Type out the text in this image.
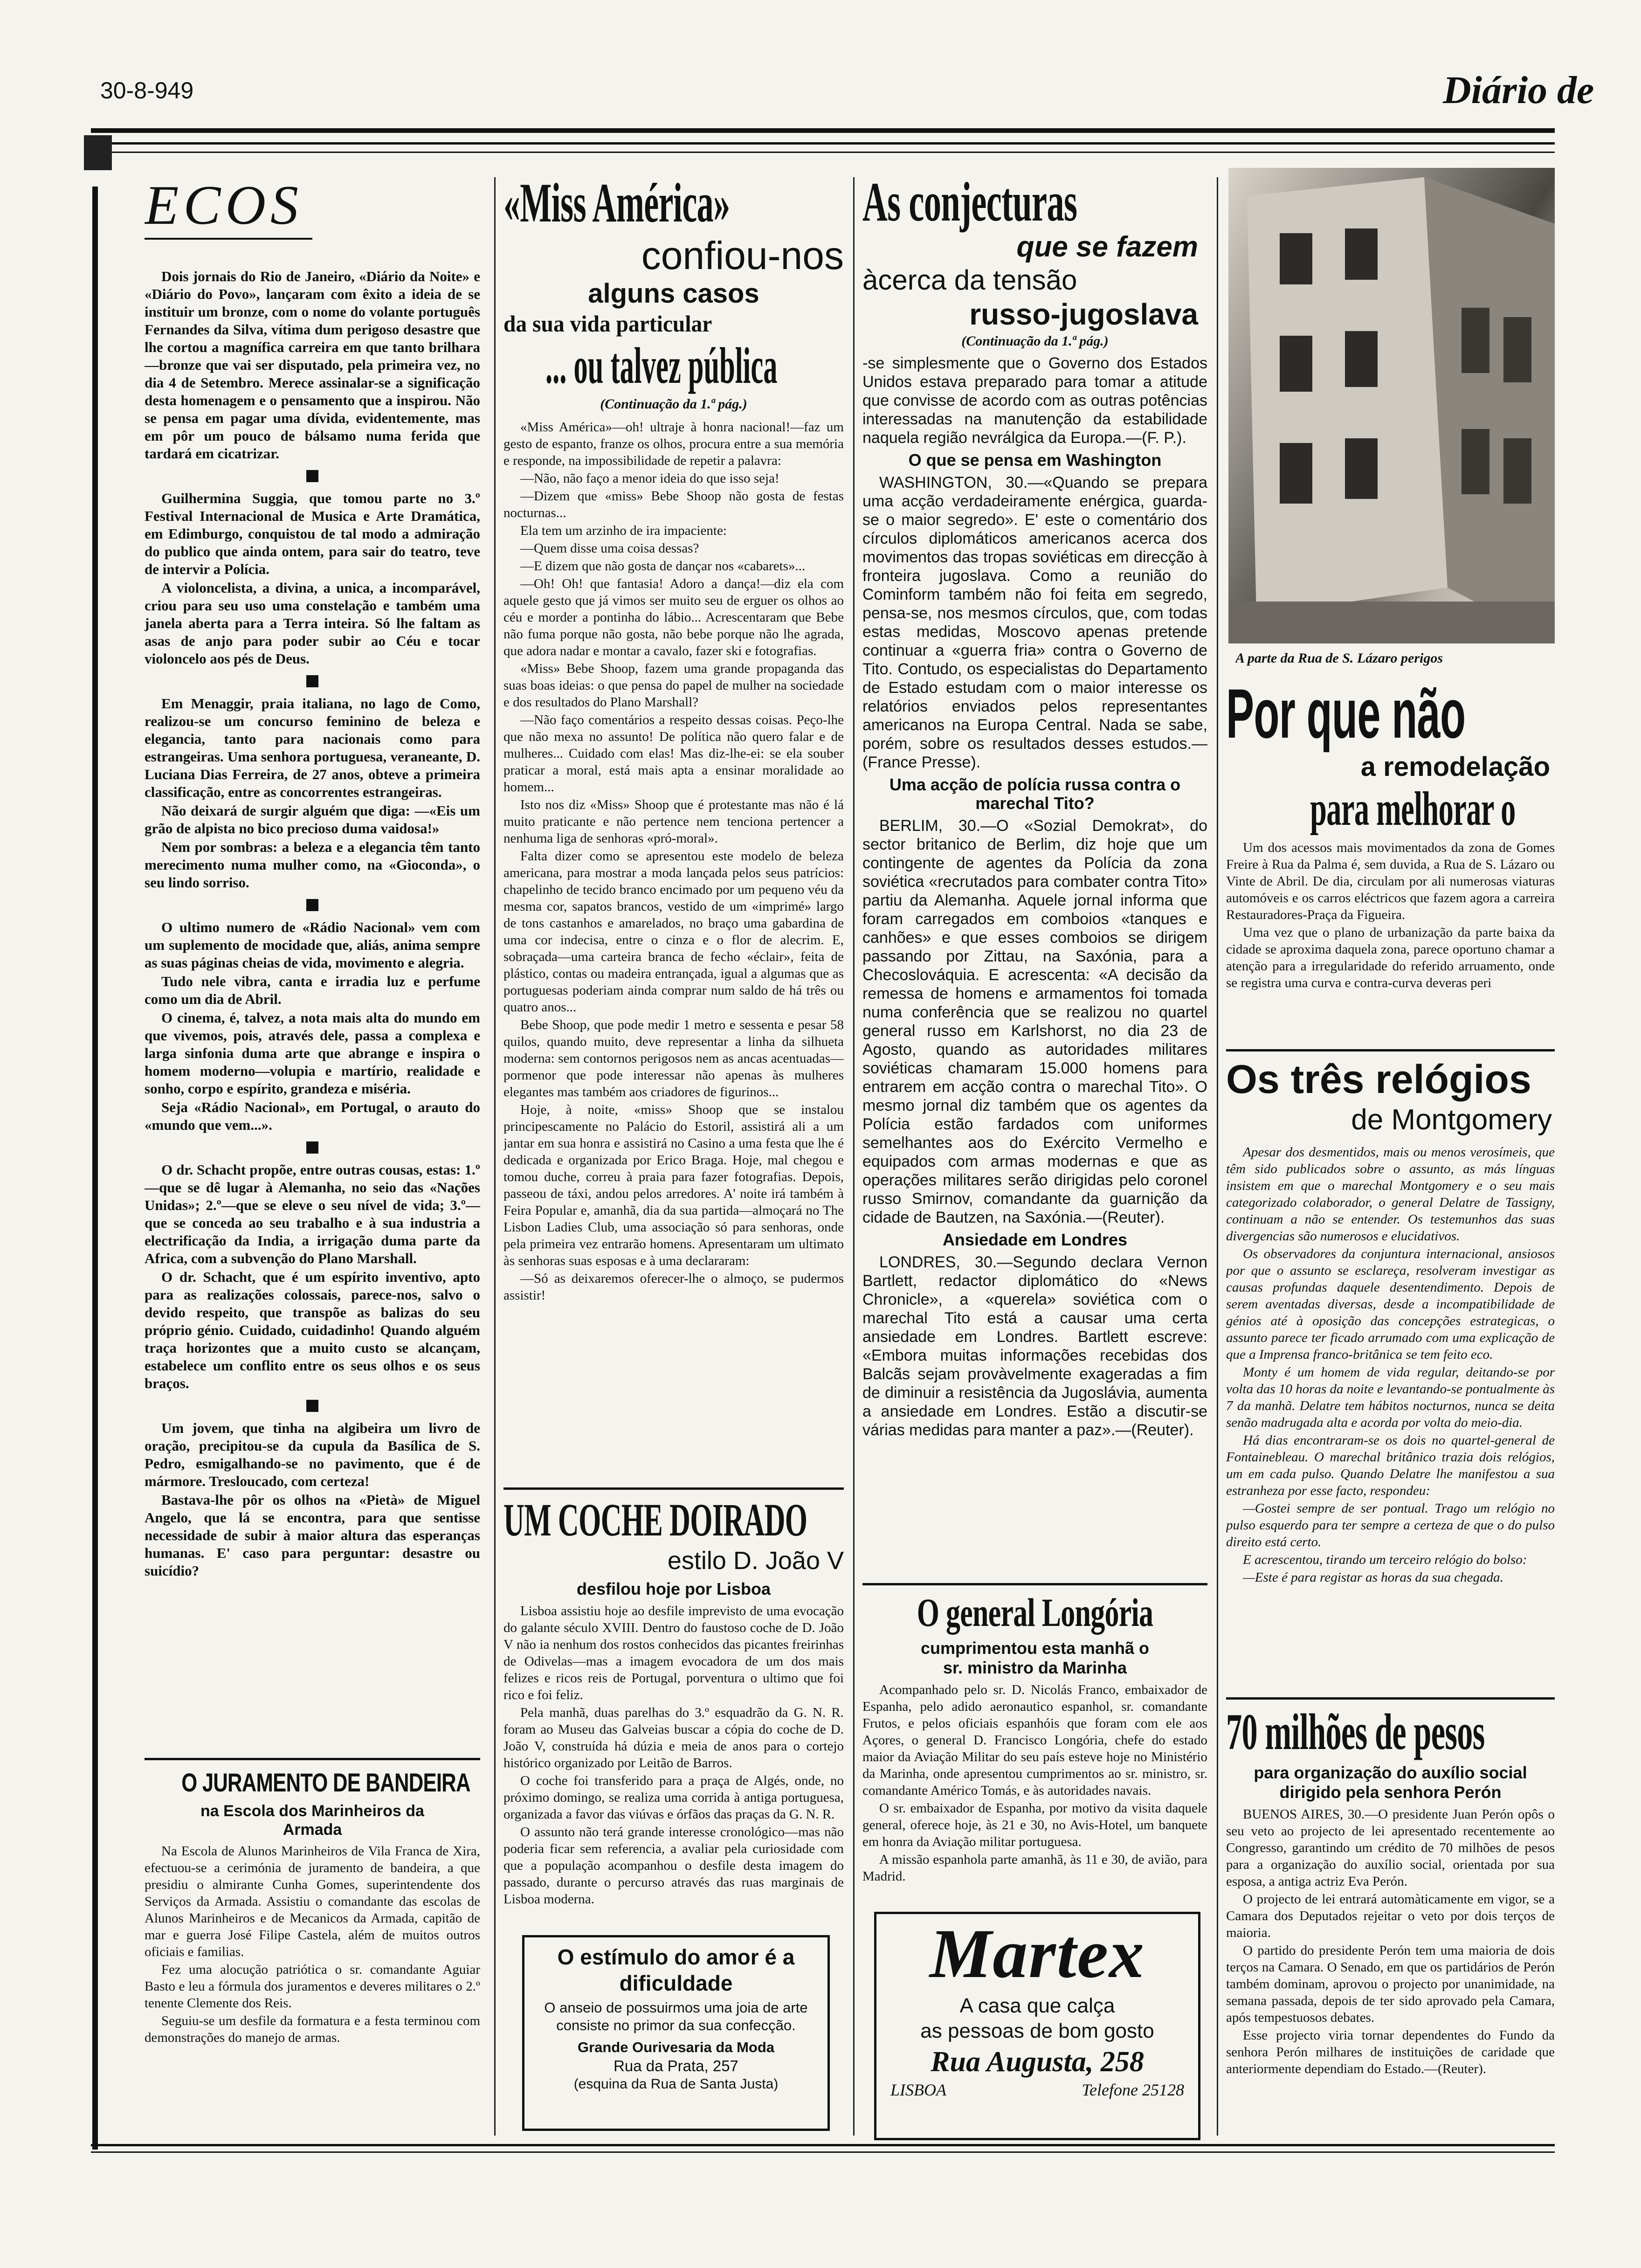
30-8-949	Diário de
ECOS

Dois jornais do Rio de Janeiro, «Diário da Noite» e «Diário do Povo», lançaram com êxito a ideia de se instituir um bronze, com o nome do volante português Fernandes da Silva, vítima dum perigoso desastre que lhe cortou a magnífica carreira em que tanto brilhara—bronze que vai ser disputado, pela primeira vez, no dia 4 de Setembro. Merece assinalar-se a significação desta homenagem e o pensamento que a inspirou. Não se pensa em pagar uma dívida, evidentemente, mas em pôr um pouco de bálsamo numa ferida que tardará em cicatrizar.

Guilhermina Suggia, que tomou parte no 3.º Festival Internacional de Musica e Arte Dramática, em Edimburgo, conquistou de tal modo a admiração do publico que ainda ontem, para sair do teatro, teve de intervir a Polícia.

A violoncelista, a divina, a unica, a incomparável, criou para seu uso uma constelação e também uma janela aberta para a Terra inteira. Só lhe faltam as asas de anjo para poder subir ao Céu e tocar violoncelo aos pés de Deus.

Em Menaggir, praia italiana, no lago de Como, realizou-se um concurso feminino de beleza e elegancia, tanto para nacionais como para estrangeiras. Uma senhora portuguesa, veraneante, D. Luciana Dias Ferreira, de 27 anos, obteve a primeira classificação, entre as concorrentes estrangeiras.

Não deixará de surgir alguém que diga: —«Eis um grão de alpista no bico precioso duma vaidosa!»

Nem por sombras: a beleza e a elegancia têm tanto merecimento numa mulher como, na «Gioconda», o seu lindo sorriso.

O ultimo numero de «Rádio Nacional» vem com um suplemento de mocidade que, aliás, anima sempre as suas páginas cheias de vida, movimento e alegria.

Tudo nele vibra, canta e irradia luz e perfume como um dia de Abril.

O cinema, é, talvez, a nota mais alta do mundo em que vivemos, pois, através dele, passa a complexa e larga sinfonia duma arte que abrange e inspira o homem moderno—volupia e martírio, realidade e sonho, corpo e espírito, grandeza e miséria.

Seja «Rádio Nacional», em Portugal, o arauto do «mundo que vem...».

O dr. Schacht propõe, entre outras cousas, estas: 1.º—que se dê lugar à Alemanha, no seio das «Nações Unidas»; 2.º—que se eleve o seu nível de vida; 3.º—que se conceda ao seu trabalho e à sua industria a electrificação da India, a irrigação duma parte da Africa, com a subvenção do Plano Marshall.

O dr. Schacht, que é um espírito inventivo, apto para as realizações colossais, parece-nos, salvo o devido respeito, que transpõe as balizas do seu próprio génio. Cuidado, cuidadinho! Quando alguém traça horizontes que a muito custo se alcançam, estabelece um conflito entre os seus olhos e os seus braços.

Um jovem, que tinha na algibeira um livro de oração, precipitou-se da cupula da Basílica de S. Pedro, esmigalhando-se no pavimento, que é de mármore. Tresloucado, com certeza!

Bastava-lhe pôr os olhos na «Pietà» de Miguel Angelo, que lá se encontra, para que sentisse necessidade de subir à maior altura das esperanças humanas. E' caso para perguntar: desastre ou suicídio?

O JURAMENTO DE BANDEIRA
na Escola dos Marinheiros da Armada

Na Escola de Alunos Marinheiros de Vila Franca de Xira, efectuou-se a cerimónia de juramento de bandeira, a que presidiu o almirante Cunha Gomes, superintendente dos Serviços da Armada. Assistiu o comandante das escolas de Alunos Marinheiros e de Mecanicos da Armada, capitão de mar e guerra José Filipe Castela, além de muitos outros oficiais e familias.

Fez uma alocução patriótica o sr. comandante Aguiar Basto e leu a fórmula dos juramentos e deveres militares o 2.º tenente Clemente dos Reis.

Seguiu-se um desfile da formatura e a festa terminou com demonstrações do manejo de armas.

«Miss América»
confiou-nos
alguns casos
da sua vida particular
... ou talvez pública
(Continuação da 1.ª pág.)

«Miss América»—oh! ultraje à honra nacional!—faz um gesto de espanto, franze os olhos, procura entre a sua memória e responde, na impossibilidade de repetir a palavra:

—Não, não faço a menor ideia do que isso seja!

—Dizem que «miss» Bebe Shoop não gosta de festas nocturnas...

Ela tem um arzinho de ira impaciente:

—Quem disse uma coisa dessas?

—E dizem que não gosta de dançar nos «cabarets»...

—Oh! Oh! que fantasia! Adoro a dança!—diz ela com aquele gesto que já vimos ser muito seu de erguer os olhos ao céu e morder a pontinha do lábio... Acrescentaram que Bebe não fuma porque não gosta, não bebe porque não lhe agrada, que adora nadar e montar a cavalo, fazer ski e fotografias.

«Miss» Bebe Shoop, fazem uma grande propaganda das suas boas ideias: o que pensa do papel de mulher na sociedade e dos resultados do Plano Marshall?

—Não faço comentários a respeito dessas coisas. Peço-lhe que não mexa no assunto! De política não quero falar e de mulheres... Cuidado com elas! Mas diz-lhe-ei: se ela souber praticar a moral, está mais apta a ensinar moralidade ao homem...

Isto nos diz «Miss» Shoop que é protestante mas não é lá muito praticante e não pertence nem tenciona pertencer a nenhuma liga de senhoras «pró-moral».

Falta dizer como se apresentou este modelo de beleza americana, para mostrar a moda lançada pelos seus patrícios: chapelinho de tecido branco encimado por um pequeno véu da mesma cor, sapatos brancos, vestido de um «imprimé» largo de tons castanhos e amarelados, no braço uma gabardina de uma cor indecisa, entre o cinza e o flor de alecrim. E, sobraçada—uma carteira branca de fecho «éclair», feita de plástico, contas ou madeira entrançada, igual a algumas que as portuguesas poderiam ainda comprar num saldo de há três ou quatro anos...

Bebe Shoop, que pode medir 1 metro e sessenta e pesar 58 quilos, quando muito, deve representar a linha da silhueta moderna: sem contornos perigosos nem as ancas acentuadas—pormenor que pode interessar não apenas às mulheres elegantes mas também aos criadores de figurinos...

Hoje, à noite, «miss» Shoop que se instalou principescamente no Palácio do Estoril, assistirá ali a um jantar em sua honra e assistirá no Casino a uma festa que lhe é dedicada e organizada por Erico Braga. Hoje, mal chegou e tomou duche, correu à praia para fazer fotografias. Depois, passeou de táxi, andou pelos arredores. A' noite irá também à Feira Popular e, amanhã, dia da sua partida—almoçará no The Lisbon Ladies Club, uma associação só para senhoras, onde pela primeira vez entrarão homens. Apresentaram um ultimato às senhoras suas esposas e à uma declararam:

—Só as deixaremos oferecer-lhe o almoço, se pudermos assistir!

UM COCHE DOIRADO
estilo D. João V
desfilou hoje por Lisboa

Lisboa assistiu hoje ao desfile imprevisto de uma evocação do galante século XVIII. Dentro do faustoso coche de D. João V não ia nenhum dos rostos conhecidos das picantes freirinhas de Odivelas—mas a imagem evocadora de um dos mais felizes e ricos reis de Portugal, porventura o ultimo que foi rico e foi feliz.

Pela manhã, duas parelhas do 3.º esquadrão da G. N. R. foram ao Museu das Galveias buscar a cópia do coche de D. João V, construída há dúzia e meia de anos para o cortejo histórico organizado por Leitão de Barros.

O coche foi transferido para a praça de Algés, onde, no próximo domingo, se realiza uma corrida à antiga portuguesa, organizada a favor das viúvas e órfãos das praças da G. N. R.

O assunto não terá grande interesse cronológico—mas não poderia ficar sem referencia, a avaliar pela curiosidade com que a população acompanhou o desfile desta imagem do passado, durante o percurso através das ruas marginais de Lisboa moderna.

O estímulo do amor é a dificuldade
O anseio de possuirmos uma joia de arte consiste no primor da sua confecção.
Grande Ourivesaria da Moda
Rua da Prata, 257
(esquina da Rua de Santa Justa)
As conjecturas
que se fazem
àcerca da tensão
russo-jugoslava
(Continuação da 1.ª pág.)

-se simplesmente que o Governo dos Estados Unidos estava preparado para tomar a atitude que convisse de acordo com as outras potências interessadas na manutenção da estabilidade naquela região nevrálgica da Europa.—(F. P.).

O que se pensa em Washington

WASHINGTON, 30.—«Quando se prepara uma acção verdadeiramente enérgica, guarda-se o maior segredo». E' este o comentário dos círculos diplomáticos americanos acerca dos movimentos das tropas soviéticas em direcção à fronteira jugoslava. Como a reunião do Cominform também não foi feita em segredo, pensa-se, nos mesmos círculos, que, com todas estas medidas, Moscovo apenas pretende continuar a «guerra fria» contra o Governo de Tito. Contudo, os especialistas do Departamento de Estado estudam com o maior interesse os relatórios enviados pelos representantes americanos na Europa Central. Nada se sabe, porém, sobre os resultados desses estudos.—(France Presse).

Uma acção de polícia russa contra o marechal Tito?

BERLIM, 30.—O «Sozial Demokrat», do sector britanico de Berlim, diz hoje que um contingente de agentes da Polícia da zona soviética «recrutados para combater contra Tito» partiu da Alemanha. Aquele jornal informa que foram carregados em comboios «tanques e canhões» e que esses comboios se dirigem passando por Zittau, na Saxónia, para a Checoslováquia. E acrescenta: «A decisão da remessa de homens e armamentos foi tomada numa conferência que se realizou no quartel general russo em Karlshorst, no dia 23 de Agosto, quando as autoridades militares soviéticas chamaram 15.000 homens para entrarem em acção contra o marechal Tito». O mesmo jornal diz também que os agentes da Polícia estão fardados com uniformes semelhantes aos do Exército Vermelho e equipados com armas modernas e que as operações militares serão dirigidas pelo coronel russo Smirnov, comandante da guarnição da cidade de Bautzen, na Saxónia.—(Reuter).

Ansiedade em Londres

LONDRES, 30.—Segundo declara Vernon Bartlett, redactor diplomático do «News Chronicle», a «querela» soviética com o marechal Tito está a causar uma certa ansiedade em Londres. Bartlett escreve: «Embora muitas informações recebidas dos Balcãs sejam provàvelmente exageradas a fim de diminuir a resistência da Jugoslávia, aumenta a ansiedade em Londres. Estão a discutir-se várias medidas para manter a paz».—(Reuter).

O general Longória
cumprimentou esta manhã o sr. ministro da Marinha

Acompanhado pelo sr. D. Nicolás Franco, embaixador de Espanha, pelo adido aeronautico espanhol, sr. comandante Frutos, e pelos oficiais espanhóis que foram com ele aos Açores, o general D. Francisco Longória, chefe do estado maior da Aviação Militar do seu país esteve hoje no Ministério da Marinha, onde apresentou cumprimentos ao sr. ministro, sr. comandante Américo Tomás, e às autoridades navais.

O sr. embaixador de Espanha, por motivo da visita daquele general, oferece hoje, às 21 e 30, no Avis-Hotel, um banquete em honra da Aviação militar portuguesa.

A missão espanhola parte amanhã, às 11 e 30, de avião, para Madrid.

Martex
A casa que calça
as pessoas de bom gosto
Rua Augusta, 258
LISBOA	Telefone 25128
A parte da Rua de S. Lázaro perigos
Por que não
a remodelação
para melhorar o

Um dos acessos mais movimentados da zona de Gomes Freire à Rua da Palma é, sem duvida, a Rua de S. Lázaro ou Vinte de Abril. De dia, circulam por ali numerosas viaturas automóveis e os carros eléctricos que fazem agora a carreira Restauradores-Praça da Figueira.

Uma vez que o plano de urbanização da parte baixa da cidade se aproxima daquela zona, parece oportuno chamar a atenção para a irregularidade do referido arruamento, onde se registra uma curva e contra-curva deveras peri

Os três relógios
de Montgomery

Apesar dos desmentidos, mais ou menos verosímeis, que têm sido publicados sobre o assunto, as más línguas insistem em que o marechal Montgomery e o seu mais categorizado colaborador, o general Delatre de Tassigny, continuam a não se entender. Os testemunhos das suas divergencias são numerosos e elucidativos.

Os observadores da conjuntura internacional, ansiosos por que o assunto se esclareça, resolveram investigar as causas profundas daquele desentendimento. Depois de serem aventadas diversas, desde a incompatibilidade de génios até à oposição das concepções estrategicas, o assunto parece ter ficado arrumado com uma explicação de que a Imprensa franco-britânica se tem feito eco.

Monty é um homem de vida regular, deitando-se por volta das 10 horas da noite e levantando-se pontualmente às 7 da manhã. Delatre tem hábitos nocturnos, nunca se deita senão madrugada alta e acorda por volta do meio-dia.

Há dias encontraram-se os dois no quartel-general de Fontainebleau. O marechal britânico trazia dois relógios, um em cada pulso. Quando Delatre lhe manifestou a sua estranheza por esse facto, respondeu:

—Gostei sempre de ser pontual. Trago um relógio no pulso esquerdo para ter sempre a certeza de que o do pulso direito está certo.

E acrescentou, tirando um terceiro relógio do bolso:

—Este é para registar as horas da sua chegada.

70 milhões de pesos
para organização do auxílio social dirigido pela senhora Perón

BUENOS AIRES, 30.—O presidente Juan Perón opôs o seu veto ao projecto de lei apresentado recentemente ao Congresso, garantindo um crédito de 70 milhões de pesos para a organização do auxílio social, orientada por sua esposa, a antiga actriz Eva Perón.

O projecto de lei entrará automàticamente em vigor, se a Camara dos Deputados rejeitar o veto por dois terços de maioria.

O partido do presidente Perón tem uma maioria de dois terços na Camara. O Senado, em que os partidários de Perón também dominam, aprovou o projecto por unanimidade, na semana passada, depois de ter sido aprovado pela Camara, após tempestuosos debates.

Esse projecto viria tornar dependentes do Fundo da senhora Perón milhares de instituições de caridade que anteriormente dependiam do Estado.—(Reuter).
